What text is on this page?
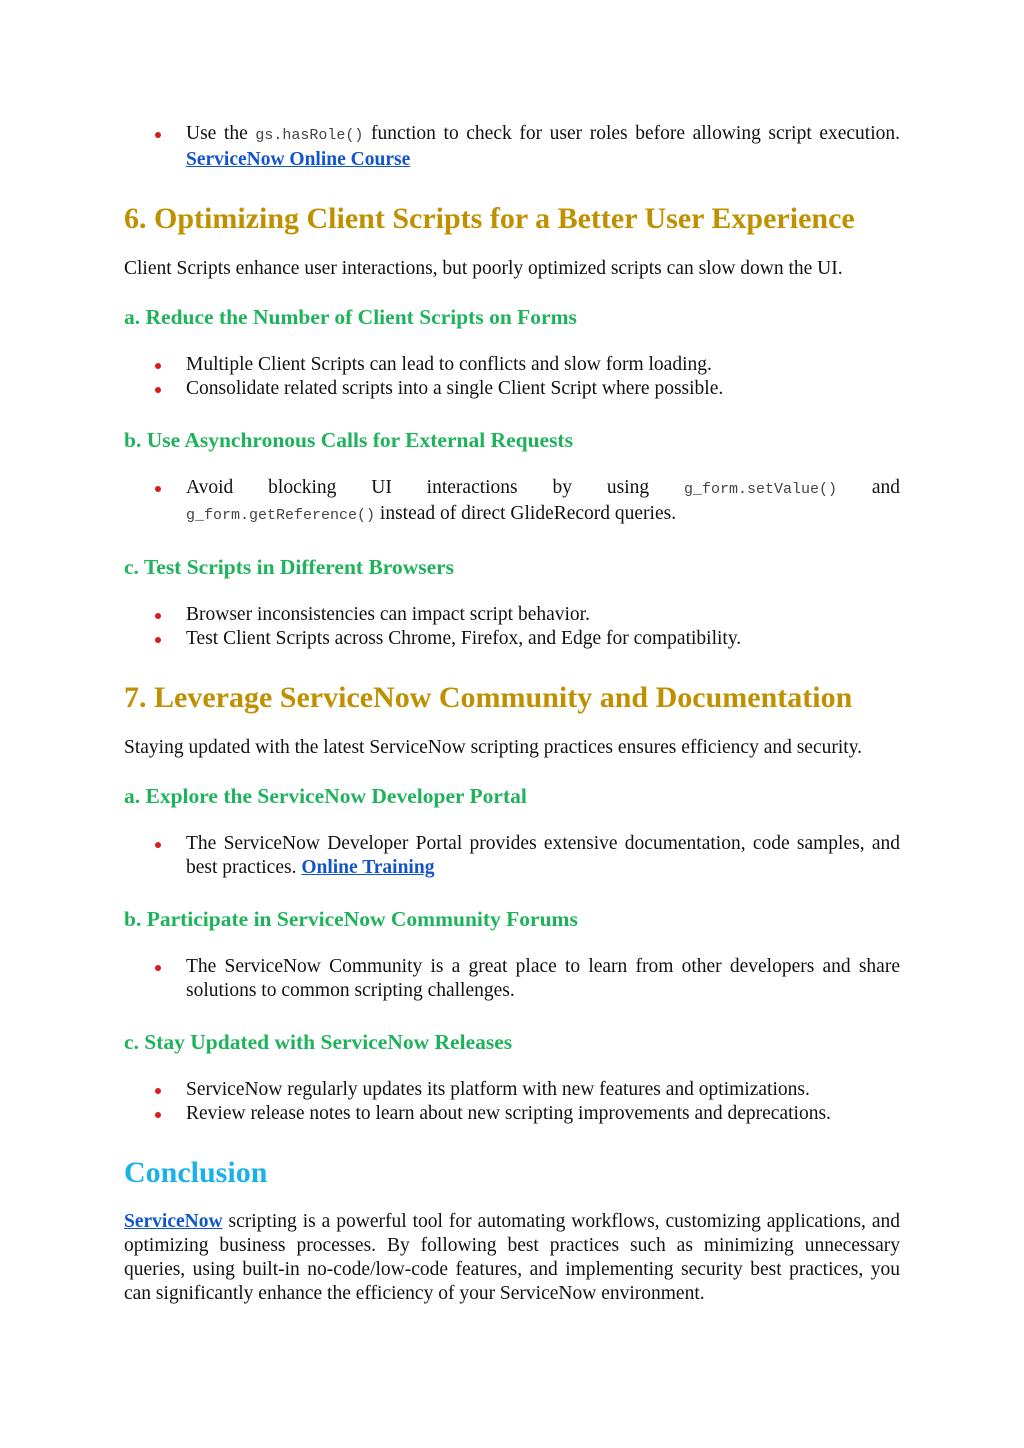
Use the gs.hasRole() function to check for user roles before allowing script execution. ServiceNow Online Course
6. Optimizing Client Scripts for a Better User Experience

Client Scripts enhance user interactions, but poorly optimized scripts can slow down the UI.

a. Reduce the Number of Client Scripts on Forms
Multiple Client Scripts can lead to conflicts and slow form loading.
Consolidate related scripts into a single Client Script where possible.
b. Use Asynchronous Calls for External Requests
Avoid blocking UI interactions by using g_form.setValue() and
g_form.getReference() instead of direct GlideRecord queries.
c. Test Scripts in Different Browsers
Browser inconsistencies can impact script behavior.
Test Client Scripts across Chrome, Firefox, and Edge for compatibility.
7. Leverage ServiceNow Community and Documentation

Staying updated with the latest ServiceNow scripting practices ensures efficiency and security.

a. Explore the ServiceNow Developer Portal
The ServiceNow Developer Portal provides extensive documentation, code samples, and best practices. Online Training
b. Participate in ServiceNow Community Forums
The ServiceNow Community is a great place to learn from other developers and share solutions to common scripting challenges.
c. Stay Updated with ServiceNow Releases
ServiceNow regularly updates its platform with new features and optimizations.
Review release notes to learn about new scripting improvements and deprecations.
Conclusion

ServiceNow scripting is a powerful tool for automating workflows, customizing applications, and optimizing business processes. By following best practices such as minimizing unnecessary queries, using built-in no-code/low-code features, and implementing security best practices, you can significantly enhance the efficiency of your ServiceNow environment.
